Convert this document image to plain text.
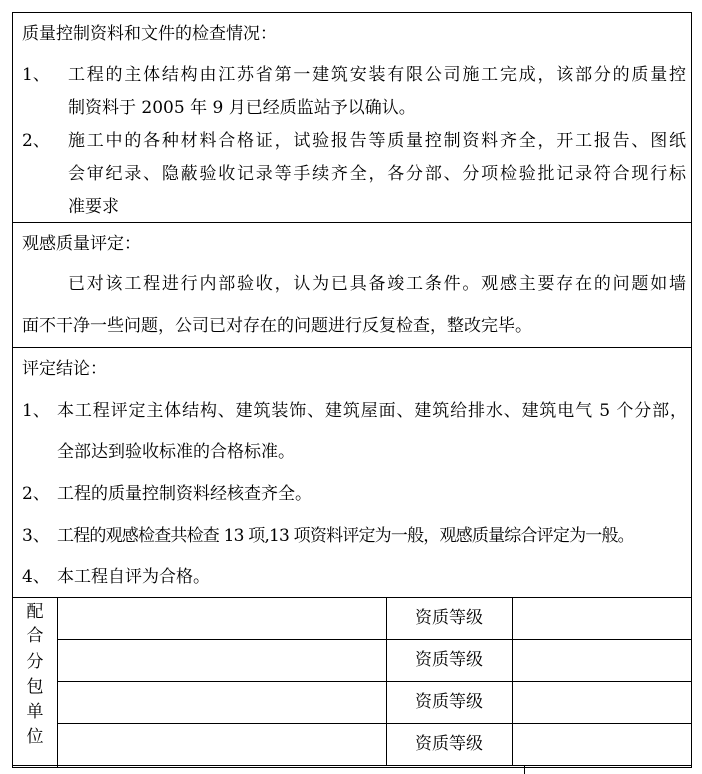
质量控制资料和文件的检查情况：
1、 工程的主体结构由江苏省第一建筑安装有限公司施工完成，该部分的质量控
制资料于 2005 年 9 月已经质监站予以确认。
2、 施工中的各种材料合格证，试验报告等质量控制资料齐全，开工报告、图纸
会审纪录、隐蔽验收记录等手续齐全，各分部、分项检验批记录符合现行标
准要求
观感质量评定：
已对该工程进行内部验收，认为已具备竣工条件。观感主要存在的问题如墙
面不干净一些问题，公司已对存在的问题进行反复检查，整改完毕。
评定结论：
1、 本工程评定主体结构、建筑装饰、建筑屋面、建筑给排水、建筑电气 5 个分部，
全部达到验收标准的合格标准。
2、 工程的质量控制资料经核查齐全。
3、 工程的观感检查共检查 13 项,13 项资料评定为一般，观感质量综合评定为一般。
4、 本工程自评为合格。
配
合
分
包
单
位
资质等级
资质等级
资质等级
资质等级
